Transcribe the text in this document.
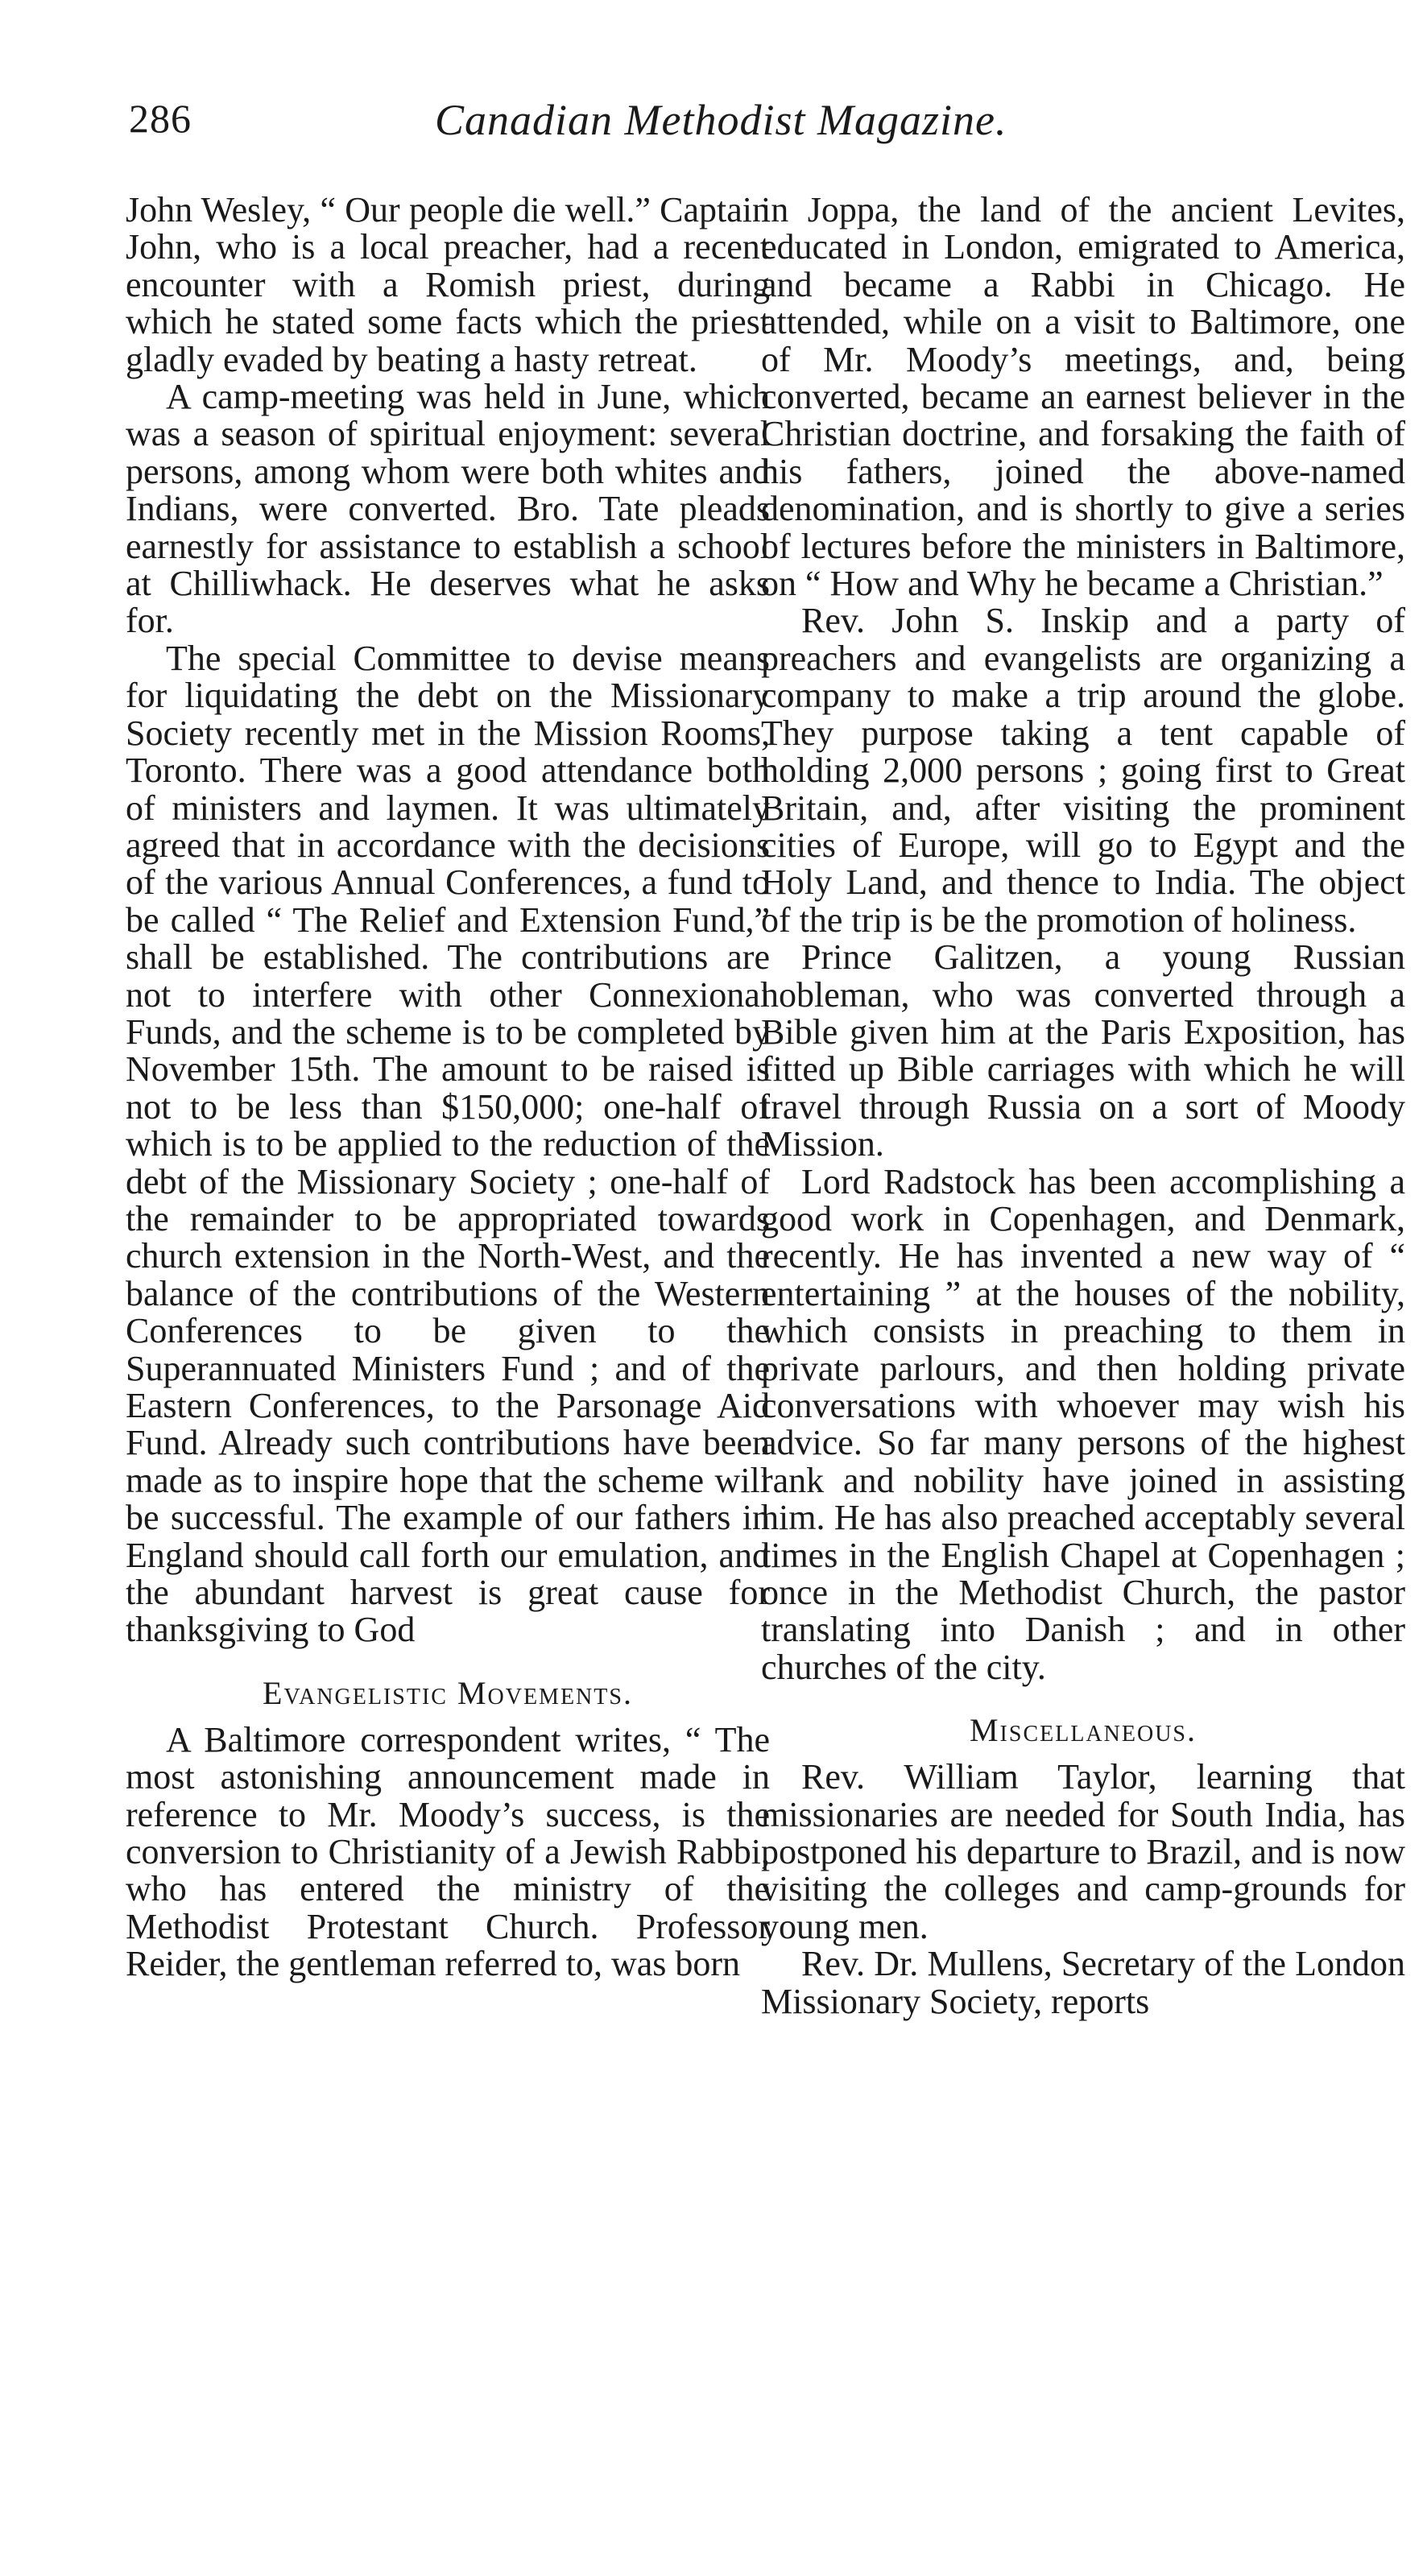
286	Canadian Methodist Magazine.

John Wesley, “ Our people die well.” Captain John, who is a local preacher, had a recent encounter with a Romish priest, during which he stated some facts which the priest gladly evaded by beating a hasty retreat.

A camp-meeting was held in June, which was a season of spiritual enjoyment: several persons, among whom were both whites and Indians, were converted. Bro. Tate pleads earnestly for assistance to establish a school at Chilliwhack. He deserves what he asks for.

The special Committee to devise means for liquidating the debt on the Missionary Society recently met in the Mission Rooms, Toronto. There was a good attendance both of ministers and laymen. It was ultimately agreed that in accordance with the decisions of the various Annual Conferences, a fund to be called “ The Relief and Extension Fund,” shall be established. The contributions are not to interfere with other Connexional Funds, and the scheme is to be completed by November 15th. The amount to be raised is not to be less than $150,000; one-half of which is to be applied to the reduction of the debt of the Missionary Society ; one-half of the remainder to be appropriated towards church extension in the North-West, and the balance of the contributions of the Western Conferences to be given to the Superannuated Ministers Fund ; and of the Eastern Conferences, to the Parsonage Aid Fund. Already such contributions have been made as to inspire hope that the scheme will be successful. The example of our fathers in England should call forth our emulation, and the abundant harvest is great cause for thanksgiving to God

Evangelistic Movements.

A Baltimore correspondent writes, “ The most astonishing announcement made in reference to Mr. Moody’s success, is the conversion to Christianity of a Jewish Rabbi, who has entered the ministry of the Methodist Protestant Church. Professor Reider, the gentleman referred to, was born

in Joppa, the land of the ancient Levites, educated in London, emigrated to America, and became a Rabbi in Chicago. He attended, while on a visit to Baltimore, one of Mr. Moody’s meetings, and, being converted, became an earnest believer in the Christian doctrine, and forsaking the faith of his fathers, joined the above-named denomination, and is shortly to give a series of lectures before the ministers in Baltimore, on “ How and Why he became a Christian.”

Rev. John S. Inskip and a party of preachers and evangelists are organizing a company to make a trip around the globe. They purpose taking a tent capable of holding 2,000 persons ; going first to Great Britain, and, after visiting the prominent cities of Europe, will go to Egypt and the Holy Land, and thence to India. The object of the trip is be the promotion of holiness.

Prince Galitzen, a young Russian nobleman, who was converted through a Bible given him at the Paris Exposition, has fitted up Bible carriages with which he will travel through Russia on a sort of Moody Mission.

Lord Radstock has been accomplishing a good work in Copenhagen, and Denmark, recently. He has invented a new way of “ entertaining ” at the houses of the nobility, which consists in preaching to them in private parlours, and then holding private conversations with whoever may wish his advice. So far many persons of the highest rank and nobility have joined in assisting him. He has also preached acceptably several times in the English Chapel at Copenhagen ; once in the Methodist Church, the pastor translating into Danish ; and in other churches of the city.

Miscellaneous.

Rev. William Taylor, learning that missionaries are needed for South India, has postponed his departure to Brazil, and is now visiting the colleges and camp-grounds for young men.

Rev. Dr. Mullens, Secretary of the London Missionary Society, reports
